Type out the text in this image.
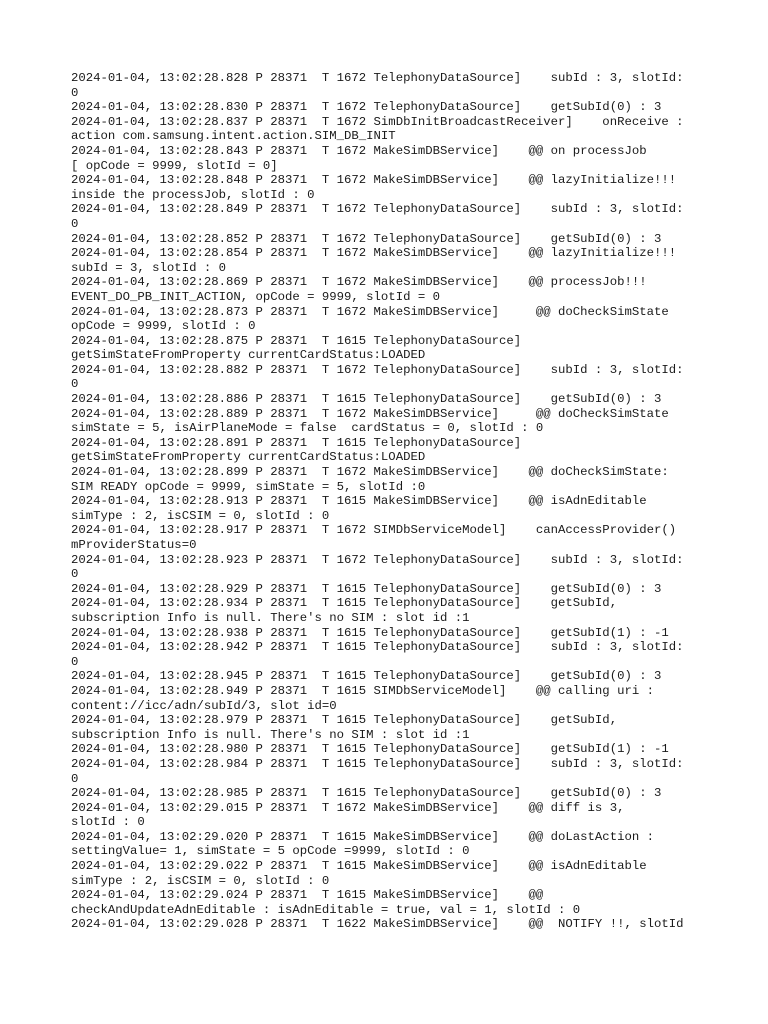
2024-01-04, 13:02:28.828 P 28371  T 1672 TelephonyDataSource]    subId : 3, slotId:
0
2024-01-04, 13:02:28.830 P 28371  T 1672 TelephonyDataSource]    getSubId(0) : 3
2024-01-04, 13:02:28.837 P 28371  T 1672 SimDbInitBroadcastReceiver]    onReceive :
action com.samsung.intent.action.SIM_DB_INIT
2024-01-04, 13:02:28.843 P 28371  T 1672 MakeSimDBService]    @@ on processJob
[ opCode = 9999, slotId = 0]
2024-01-04, 13:02:28.848 P 28371  T 1672 MakeSimDBService]    @@ lazyInitialize!!!
inside the processJob, slotId : 0
2024-01-04, 13:02:28.849 P 28371  T 1672 TelephonyDataSource]    subId : 3, slotId:
0
2024-01-04, 13:02:28.852 P 28371  T 1672 TelephonyDataSource]    getSubId(0) : 3
2024-01-04, 13:02:28.854 P 28371  T 1672 MakeSimDBService]    @@ lazyInitialize!!!
subId = 3, slotId : 0
2024-01-04, 13:02:28.869 P 28371  T 1672 MakeSimDBService]    @@ processJob!!!
EVENT_DO_PB_INIT_ACTION, opCode = 9999, slotId = 0
2024-01-04, 13:02:28.873 P 28371  T 1672 MakeSimDBService]     @@ doCheckSimState
opCode = 9999, slotId : 0
2024-01-04, 13:02:28.875 P 28371  T 1615 TelephonyDataSource]
getSimStateFromProperty currentCardStatus:LOADED
2024-01-04, 13:02:28.882 P 28371  T 1672 TelephonyDataSource]    subId : 3, slotId:
0
2024-01-04, 13:02:28.886 P 28371  T 1615 TelephonyDataSource]    getSubId(0) : 3
2024-01-04, 13:02:28.889 P 28371  T 1672 MakeSimDBService]     @@ doCheckSimState
simState = 5, isAirPlaneMode = false  cardStatus = 0, slotId : 0
2024-01-04, 13:02:28.891 P 28371  T 1615 TelephonyDataSource]
getSimStateFromProperty currentCardStatus:LOADED
2024-01-04, 13:02:28.899 P 28371  T 1672 MakeSimDBService]    @@ doCheckSimState:
SIM READY opCode = 9999, simState = 5, slotId :0
2024-01-04, 13:02:28.913 P 28371  T 1615 MakeSimDBService]    @@ isAdnEditable
simType : 2, isCSIM = 0, slotId : 0
2024-01-04, 13:02:28.917 P 28371  T 1672 SIMDbServiceModel]    canAccessProvider()
mProviderStatus=0
2024-01-04, 13:02:28.923 P 28371  T 1672 TelephonyDataSource]    subId : 3, slotId:
0
2024-01-04, 13:02:28.929 P 28371  T 1615 TelephonyDataSource]    getSubId(0) : 3
2024-01-04, 13:02:28.934 P 28371  T 1615 TelephonyDataSource]    getSubId,
subscription Info is null. There's no SIM : slot id :1
2024-01-04, 13:02:28.938 P 28371  T 1615 TelephonyDataSource]    getSubId(1) : -1
2024-01-04, 13:02:28.942 P 28371  T 1615 TelephonyDataSource]    subId : 3, slotId:
0
2024-01-04, 13:02:28.945 P 28371  T 1615 TelephonyDataSource]    getSubId(0) : 3
2024-01-04, 13:02:28.949 P 28371  T 1615 SIMDbServiceModel]    @@ calling uri :
content://icc/adn/subId/3, slot id=0
2024-01-04, 13:02:28.979 P 28371  T 1615 TelephonyDataSource]    getSubId,
subscription Info is null. There's no SIM : slot id :1
2024-01-04, 13:02:28.980 P 28371  T 1615 TelephonyDataSource]    getSubId(1) : -1
2024-01-04, 13:02:28.984 P 28371  T 1615 TelephonyDataSource]    subId : 3, slotId:
0
2024-01-04, 13:02:28.985 P 28371  T 1615 TelephonyDataSource]    getSubId(0) : 3
2024-01-04, 13:02:29.015 P 28371  T 1672 MakeSimDBService]    @@ diff is 3,
slotId : 0
2024-01-04, 13:02:29.020 P 28371  T 1615 MakeSimDBService]    @@ doLastAction :
settingValue= 1, simState = 5 opCode =9999, slotId : 0
2024-01-04, 13:02:29.022 P 28371  T 1615 MakeSimDBService]    @@ isAdnEditable
simType : 2, isCSIM = 0, slotId : 0
2024-01-04, 13:02:29.024 P 28371  T 1615 MakeSimDBService]    @@
checkAndUpdateAdnEditable : isAdnEditable = true, val = 1, slotId : 0
2024-01-04, 13:02:29.028 P 28371  T 1622 MakeSimDBService]    @@  NOTIFY !!, slotId
